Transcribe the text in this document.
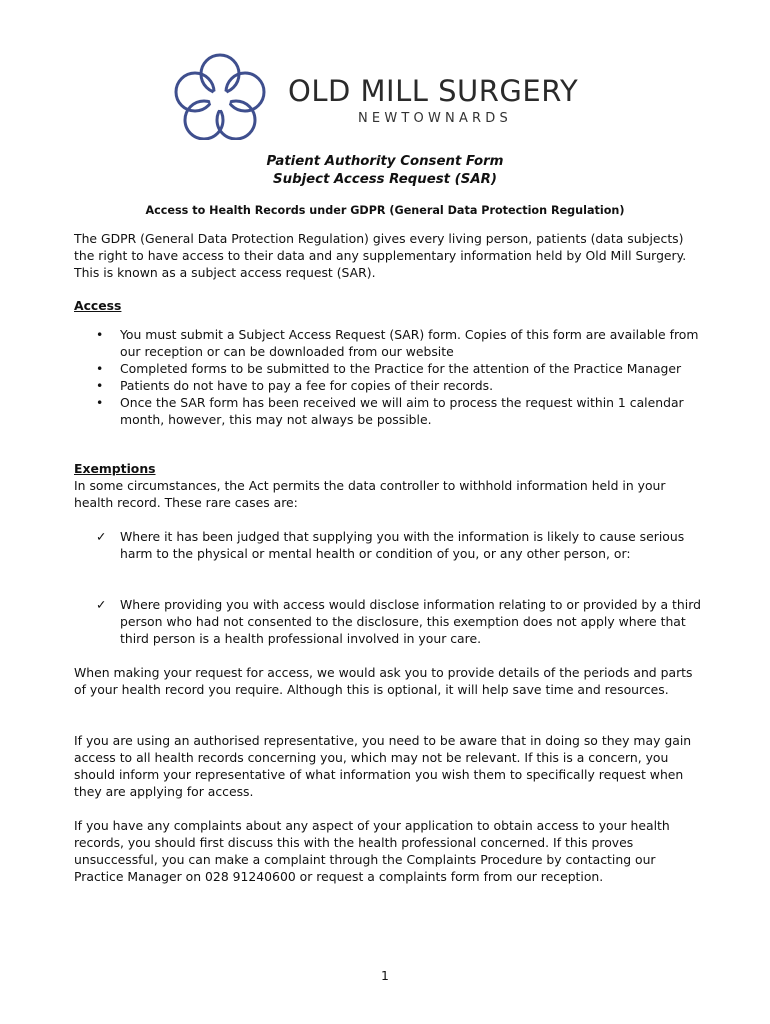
OLD MILL SURGERY
NEWTOWNARDS
Patient Authority Consent Form
Subject Access Request (SAR)
Access to Health Records under GDPR (General Data Protection Regulation)

The GDPR (General Data Protection Regulation) gives every living person, patients (data subjects) the right to have access to their data and any supplementary information held by Old Mill Surgery. This is known as a subject access request (SAR).

Access
• You must submit a Subject Access Request (SAR) form. Copies of this form are available from our reception or can be downloaded from our website
• Completed forms to be submitted to the Practice for the attention of the Practice Manager
• Patients do not have to pay a fee for copies of their records.
• Once the SAR form has been received we will aim to process the request within 1 calendar month, however, this may not always be possible.
Exemptions

In some circumstances, the Act permits the data controller to withhold information held in your health record. These rare cases are:

✓ Where it has been judged that supplying you with the information is likely to cause serious harm to the physical or mental health or condition of you, or any other person, or:
✓ Where providing you with access would disclose information relating to or provided by a third person who had not consented to the disclosure, this exemption does not apply where that third person is a health professional involved in your care.

When making your request for access, we would ask you to provide details of the periods and parts of your health record you require. Although this is optional, it will help save time and resources.

If you are using an authorised representative, you need to be aware that in doing so they may gain access to all health records concerning you, which may not be relevant. If this is a concern, you should inform your representative of what information you wish them to specifically request when they are applying for access.

If you have any complaints about any aspect of your application to obtain access to your health records, you should first discuss this with the health professional concerned. If this proves unsuccessful, you can make a complaint through the Complaints Procedure by contacting our Practice Manager on 028 91240600 or request a complaints form from our reception.

1
